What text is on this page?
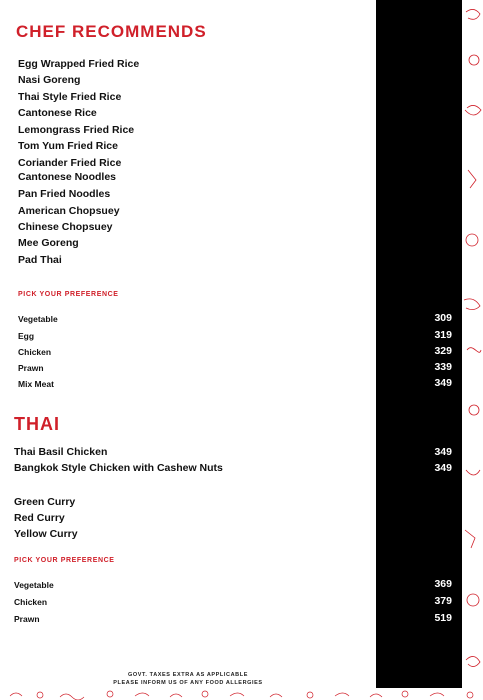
CHEF RECOMMENDS
Egg Wrapped Fried Rice
Nasi Goreng
Thai Style Fried Rice
Cantonese Rice
Lemongrass Fried Rice
Tom Yum Fried Rice
Coriander Fried Rice
Cantonese Noodles
Pan Fried Noodles
American Chopsuey
Chinese Chopsuey
Mee Goreng
Pad Thai
PICK YOUR PREFERENCE
Vegetable	309
Egg	319
Chicken	329
Prawn	339
Mix Meat	349
THAI
Thai Basil Chicken	349
Bangkok Style Chicken with Cashew Nuts	349
Green Curry
Red Curry
Yellow Curry
PICK YOUR PREFERENCE
Vegetable	369
Chicken	379
Prawn	519
GOVT. TAXES EXTRA AS APPLICABLE
PLEASE INFORM US OF ANY FOOD ALLERGIES
